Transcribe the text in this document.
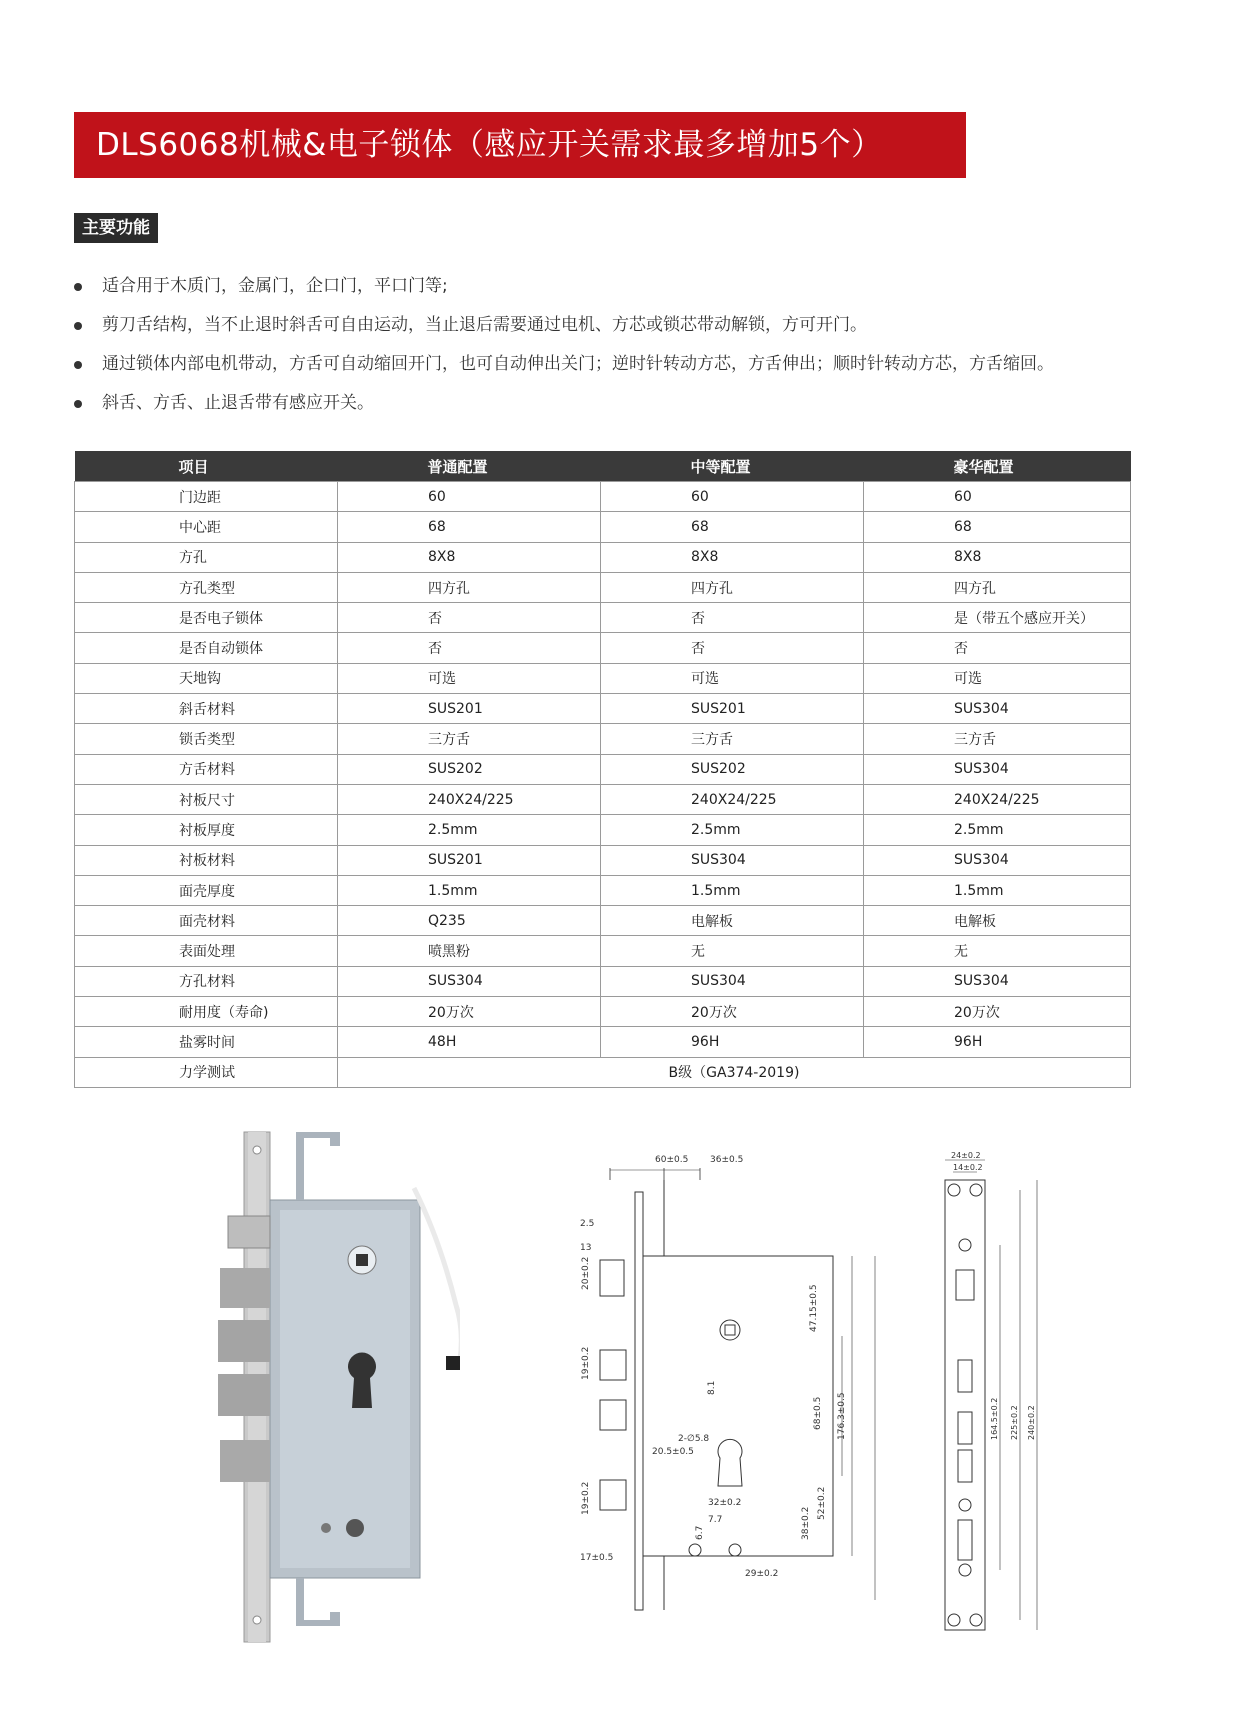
DLS6068机械&电子锁体（感应开关需求最多增加5个）
主要功能
适合用于木质门，金属门，企口门，平口门等;
剪刀舌结构，当不止退时斜舌可自由运动，当止退后需要通过电机、方芯或锁芯带动解锁，方可开门。
通过锁体内部电机带动，方舌可自动缩回开门，也可自动伸出关门；逆时针转动方芯，方舌伸出；顺时针转动方芯，方舌缩回。
斜舌、方舌、止退舌带有感应开关。
项目	普通配置	中等配置	豪华配置
门边距	60	60	60
中心距	68	68	68
方孔	8X8	8X8	8X8
方孔类型	四方孔	四方孔	四方孔
是否电子锁体	否	否	是（带五个感应开关）
是否自动锁体	否	否	否
天地钩	可选	可选	可选
斜舌材料	SUS201	SUS201	SUS304
锁舌类型	三方舌	三方舌	三方舌
方舌材料	SUS202	SUS202	SUS304
衬板尺寸	240X24/225	240X24/225	240X24/225
衬板厚度	2.5mm	2.5mm	2.5mm
衬板材料	SUS201	SUS304	SUS304
面壳厚度	1.5mm	1.5mm	1.5mm
面壳材料	Q235	电解板	电解板
表面处理	喷黑粉	无	无
方孔材料	SUS304	SUS304	SUS304
耐用度（寿命)	20万次	20万次	20万次
盐雾时间	48H	96H	96H
力学测试	B级（GA374-2019)		
60±0.5 36±0.5
2.5
13
2-∅5.8
20.5±0.5
32±0.2
7.7
17±0.5
29±0.2
20±0.2
19±0.2
19±0.2
47.15±0.5
68±0.5 176.3±0.5
38±0.2
52±0.2
8.1
6.7
24±0.2
14±0.2
164.5±0.2 225±0.2 240±0.2
